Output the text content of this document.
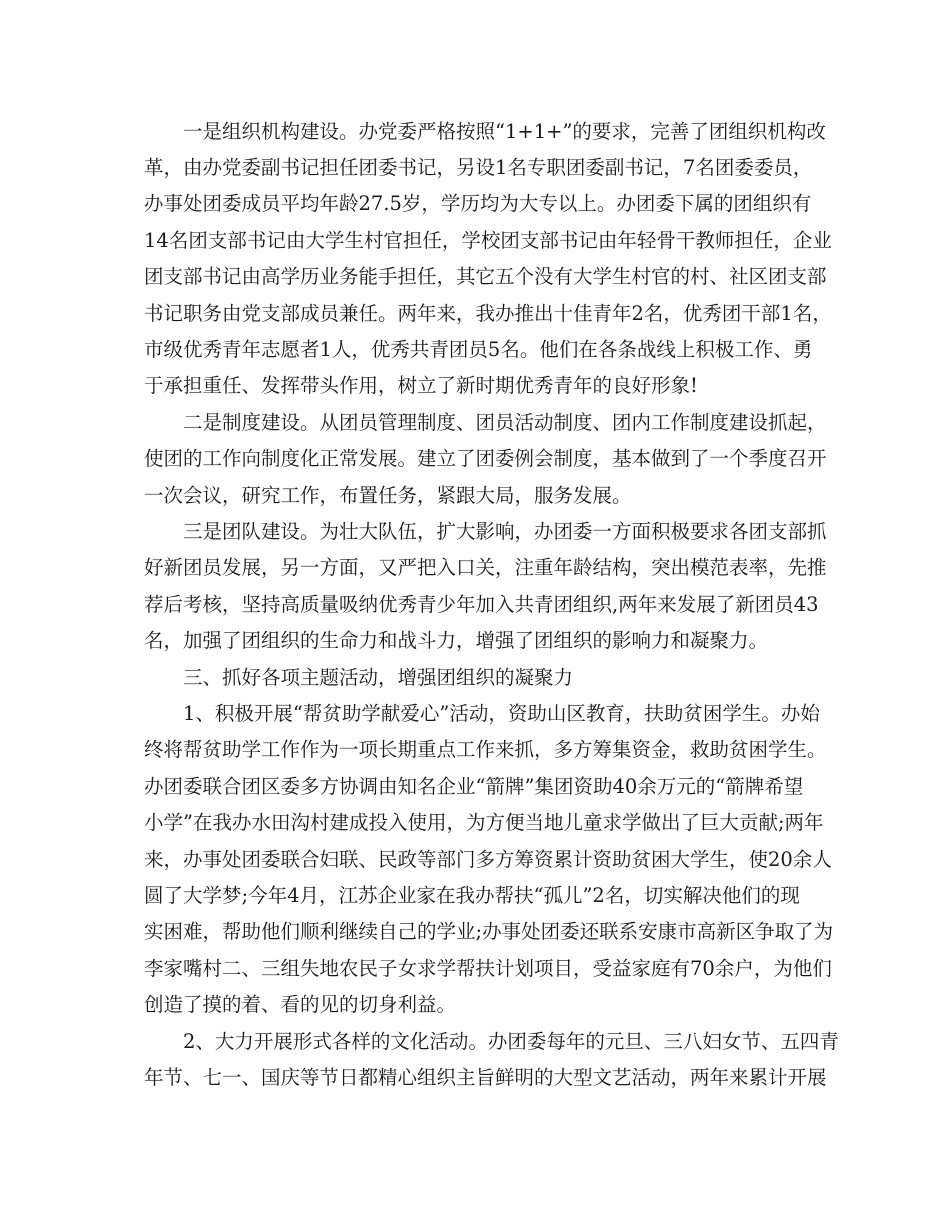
一是组织机构建设。办党委严格按照“1+1+”的要求，完善了团组织机构改
革，由办党委副书记担任团委书记，另设1名专职团委副书记，7名团委委员，
办事处团委成员平均年龄27.5岁，学历均为大专以上。办团委下属的团组织有
14名团支部书记由大学生村官担任，学校团支部书记由年轻骨干教师担任，企业
团支部书记由高学历业务能手担任，其它五个没有大学生村官的村、社区团支部
书记职务由党支部成员兼任。两年来，我办推出十佳青年2名，优秀团干部1名，
市级优秀青年志愿者1人，优秀共青团员5名。他们在各条战线上积极工作、勇
于承担重任、发挥带头作用，树立了新时期优秀青年的良好形象!
二是制度建设。从团员管理制度、团员活动制度、团内工作制度建设抓起，
使团的工作向制度化正常发展。建立了团委例会制度，基本做到了一个季度召开
一次会议，研究工作，布置任务，紧跟大局，服务发展。
三是团队建设。为壮大队伍，扩大影响，办团委一方面积极要求各团支部抓
好新团员发展，另一方面，又严把入口关，注重年龄结构，突出模范表率，先推
荐后考核，坚持高质量吸纳优秀青少年加入共青团组织,两年来发展了新团员43
名，加强了团组织的生命力和战斗力，增强了团组织的影响力和凝聚力。
三、抓好各项主题活动，增强团组织的凝聚力
1、积极开展“帮贫助学献爱心”活动，资助山区教育，扶助贫困学生。办始
终将帮贫助学工作作为一项长期重点工作来抓，多方筹集资金，救助贫困学生。
办团委联合团区委多方协调由知名企业“箭牌”集团资助40余万元的“箭牌希望
小学”在我办水田沟村建成投入使用，为方便当地儿童求学做出了巨大贡献;两年
来，办事处团委联合妇联、民政等部门多方筹资累计资助贫困大学生，使20余人
圆了大学梦;今年4月，江苏企业家在我办帮扶“孤儿”2名，切实解决他们的现
实困难，帮助他们顺利继续自己的学业;办事处团委还联系安康市高新区争取了为
李家嘴村二、三组失地农民子女求学帮扶计划项目，受益家庭有70余户，为他们
创造了摸的着、看的见的切身利益。
2、大力开展形式各样的文化活动。办团委每年的元旦、三八妇女节、五四青
年节、七一、国庆等节日都精心组织主旨鲜明的大型文艺活动，两年来累计开展
